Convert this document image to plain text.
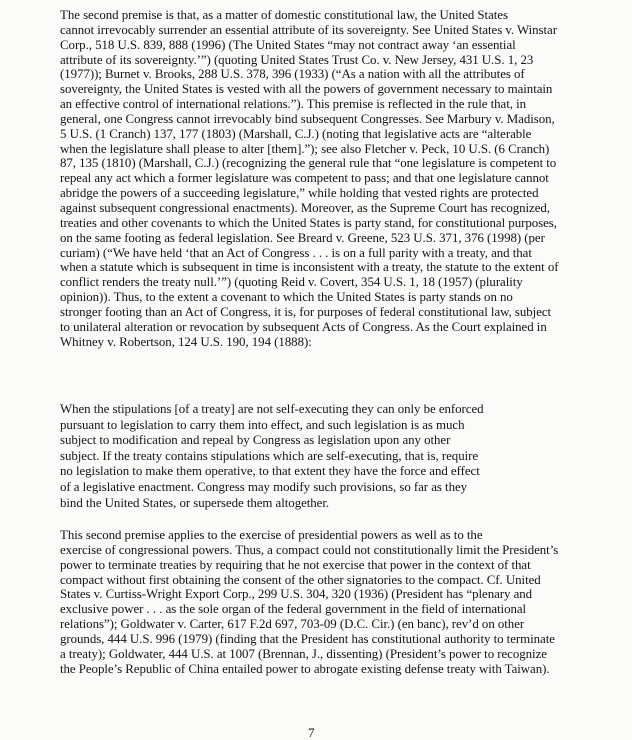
The second premise is that, as a matter of domestic constitutional law, the United States
cannot irrevocably surrender an essential attribute of its sovereignty. See United States v. Winstar
Corp., 518 U.S. 839, 888 (1996) (The United States “may not contract away ‘an essential
attribute of its sovereignty.’”) (quoting United States Trust Co. v. New Jersey, 431 U.S. 1, 23
(1977)); Burnet v. Brooks, 288 U.S. 378, 396 (1933) (“As a nation with all the attributes of
sovereignty, the United States is vested with all the powers of government necessary to maintain
an effective control of international relations.”). This premise is reflected in the rule that, in
general, one Congress cannot irrevocably bind subsequent Congresses. See Marbury v. Madison,
5 U.S. (1 Cranch) 137, 177 (1803) (Marshall, C.J.) (noting that legislative acts are “alterable
when the legislature shall please to alter [them].”); see also Fletcher v. Peck, 10 U.S. (6 Cranch)
87, 135 (1810) (Marshall, C.J.) (recognizing the general rule that “one legislature is competent to
repeal any act which a former legislature was competent to pass; and that one legislature cannot
abridge the powers of a succeeding legislature,” while holding that vested rights are protected
against subsequent congressional enactments). Moreover, as the Supreme Court has recognized,
treaties and other covenants to which the United States is party stand, for constitutional purposes,
on the same footing as federal legislation. See Breard v. Greene, 523 U.S. 371, 376 (1998) (per
curiam) (“We have held ‘that an Act of Congress . . . is on a full parity with a treaty, and that
when a statute which is subsequent in time is inconsistent with a treaty, the statute to the extent of
conflict renders the treaty null.’”) (quoting Reid v. Covert, 354 U.S. 1, 18 (1957) (plurality
opinion)). Thus, to the extent a covenant to which the United States is party stands on no
stronger footing than an Act of Congress, it is, for purposes of federal constitutional law, subject
to unilateral alteration or revocation by subsequent Acts of Congress. As the Court explained in
Whitney v. Robertson, 124 U.S. 190, 194 (1888):
When the stipulations [of a treaty] are not self-executing they can only be enforced
pursuant to legislation to carry them into effect, and such legislation is as much
subject to modification and repeal by Congress as legislation upon any other
subject. If the treaty contains stipulations which are self-executing, that is, require
no legislation to make them operative, to that extent they have the force and effect
of a legislative enactment. Congress may modify such provisions, so far as they
bind the United States, or supersede them altogether.
This second premise applies to the exercise of presidential powers as well as to the
exercise of congressional powers. Thus, a compact could not constitutionally limit the President’s
power to terminate treaties by requiring that he not exercise that power in the context of that
compact without first obtaining the consent of the other signatories to the compact. Cf. United
States v. Curtiss-Wright Export Corp., 299 U.S. 304, 320 (1936) (President has “plenary and
exclusive power . . . as the sole organ of the federal government in the field of international
relations”); Goldwater v. Carter, 617 F.2d 697, 703-09 (D.C. Cir.) (en banc), rev’d on other
grounds, 444 U.S. 996 (1979) (finding that the President has constitutional authority to terminate
a treaty); Goldwater, 444 U.S. at 1007 (Brennan, J., dissenting) (President’s power to recognize
the People’s Republic of China entailed power to abrogate existing defense treaty with Taiwan).
7
